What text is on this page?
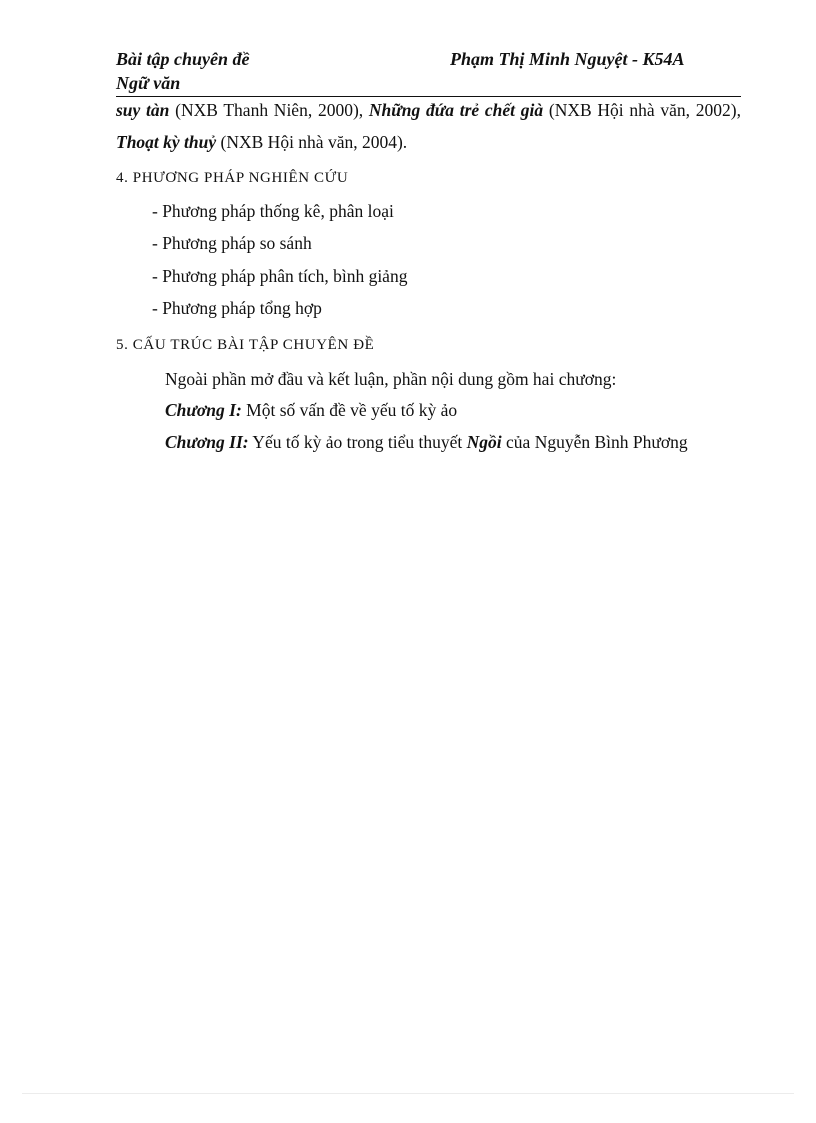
Bài tập chuyên đề
Ngữ văn
Phạm Thị Minh Nguyệt - K54A
suy tàn (NXB Thanh Niên, 2000), Những đứa trẻ chết già (NXB Hội nhà văn, 2002), Thoạt kỳ thuỷ (NXB Hội nhà văn, 2004).
4. PHƯƠNG PHÁP NGHIÊN CỨU
- Phương pháp thống kê, phân loại
- Phương pháp so sánh
- Phương pháp phân tích, bình giảng
- Phương pháp tổng hợp
5. CẤU TRÚC BÀI TẬP CHUYÊN ĐỀ
Ngoài phần mở đầu và kết luận, phần nội dung gồm hai chương:
Chương I: Một số vấn đề về yếu tố kỳ ảo
Chương II: Yếu tố kỳ ảo trong tiểu thuyết Ngồi của Nguyễn Bình Phương
